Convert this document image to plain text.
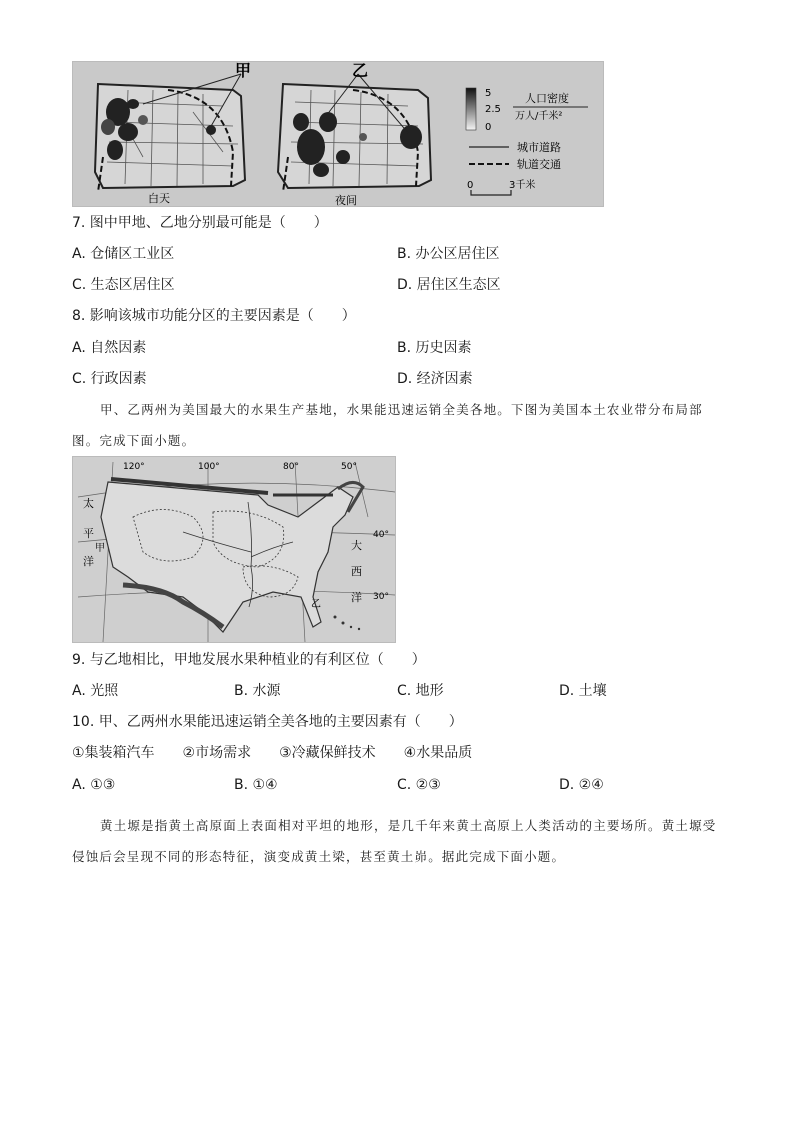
甲
白天
乙
夜间
5
2.5
0
人口密度
万人/千米²
城市道路
轨道交通
0	3千米
7. 图中甲地、乙地分别最可能是（　　）
A. 仓储区工业区	B. 办公区居住区
C. 生态区居住区	D. 居住区生态区
8. 影响该城市功能分区的主要因素是（　　）
A. 自然因素	B. 历史因素
C. 行政因素	D. 经济因素
甲、乙两州为美国最大的水果生产基地，水果能迅速运销全美各地。下图为美国本土农业带分布局部图。完成下面小题。
120°	100°	80°	50°
40°
30°
太
平
洋
甲
乙
大
西
洋
9. 与乙地相比，甲地发展水果种植业的有利区位（　　）
A. 光照	B. 水源	C. 地形	D. 土壤
10. 甲、乙两州水果能迅速运销全美各地的主要因素有（　　）
①集装箱汽车　　②市场需求　　③冷藏保鲜技术　　④水果品质
A. ①③	B. ①④	C. ②③	D. ②④
黄土塬是指黄土高原面上表面相对平坦的地形，是几千年来黄土高原上人类活动的主要场所。黄土塬受侵蚀后会呈现不同的形态特征，演变成黄土梁，甚至黄土峁。据此完成下面小题。
